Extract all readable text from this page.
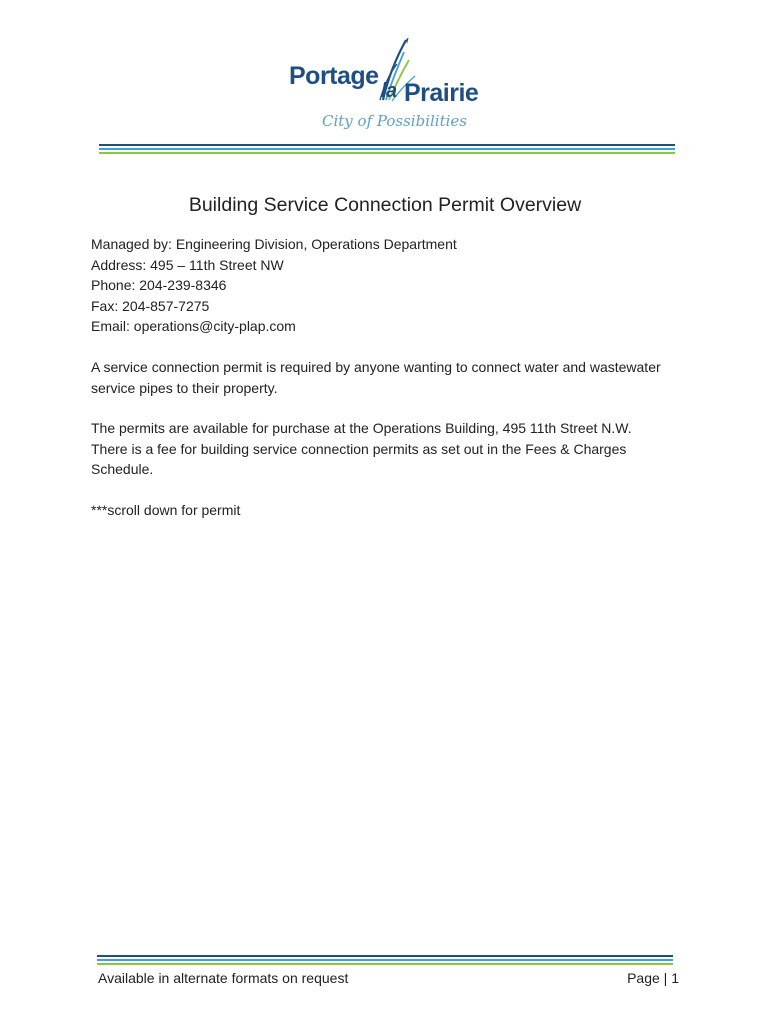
Portage
la Prairie
City of Possibilities
Building Service Connection Permit Overview
Managed by: Engineering Division, Operations Department
Address: 495 – 11th Street NW
Phone: 204-239-8346
Fax: 204-857-7275
Email: operations@city-plap.com
A service connection permit is required by anyone wanting to connect water and wastewater service pipes to their property.
The permits are available for purchase at the Operations Building, 495 11th Street N.W. There is a fee for building service connection permits as set out in the Fees & Charges Schedule.
***scroll down for permit
Available in alternate formats on request	Page | 1
